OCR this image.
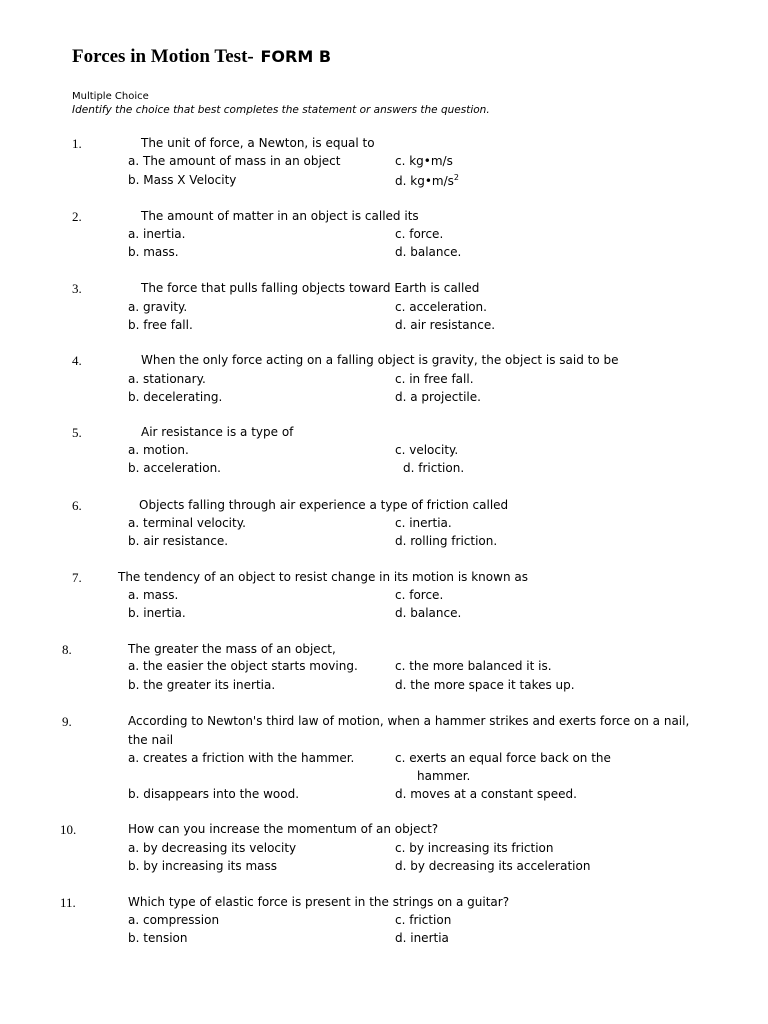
Forces in Motion Test- FORM B
Multiple Choice
Identify the choice that best completes the statement or answers the question.
1.	The unit of force, a Newton, is equal to
a. The amount of mass in an object	c. kg•m/s
b. Mass X Velocity	d. $kg•m/s^2$
2.	The amount of matter in an object is called its
a. inertia.	c. force.
b. mass.	d. balance.
3.	The force that pulls falling objects toward Earth is called
a. gravity.	c. acceleration.
b. free fall.	d. air resistance.
4.	When the only force acting on a falling object is gravity, the object is said to be
a. stationary.	c. in free fall.
b. decelerating.	d. a projectile.
5.	Air resistance is a type of
a. motion.	c. velocity.
b. acceleration.	d. friction.
6.	Objects falling through air experience a type of friction called
a. terminal velocity.	c. inertia.
b. air resistance.	d. rolling friction.
7.	The tendency of an object to resist change in its motion is known as
a. mass.	c. force.
b. inertia.	d. balance.
8.	The greater the mass of an object,
a. the easier the object starts moving.	c. the more balanced it is.
b. the greater its inertia.	d. the more space it takes up.
9.	According to Newton's third law of motion, when a hammer strikes and exerts force on a nail,
the nail
a. creates a friction with the hammer.	c. exerts an equal force back on the
hammer.
b. disappears into the wood.	d. moves at a constant speed.
10.	How can you increase the momentum of an object?
a. by decreasing its velocity	c. by increasing its friction
b. by increasing its mass	d. by decreasing its acceleration
11.	Which type of elastic force is present in the strings on a guitar?
a. compression	c. friction
b. tension	d. inertia
